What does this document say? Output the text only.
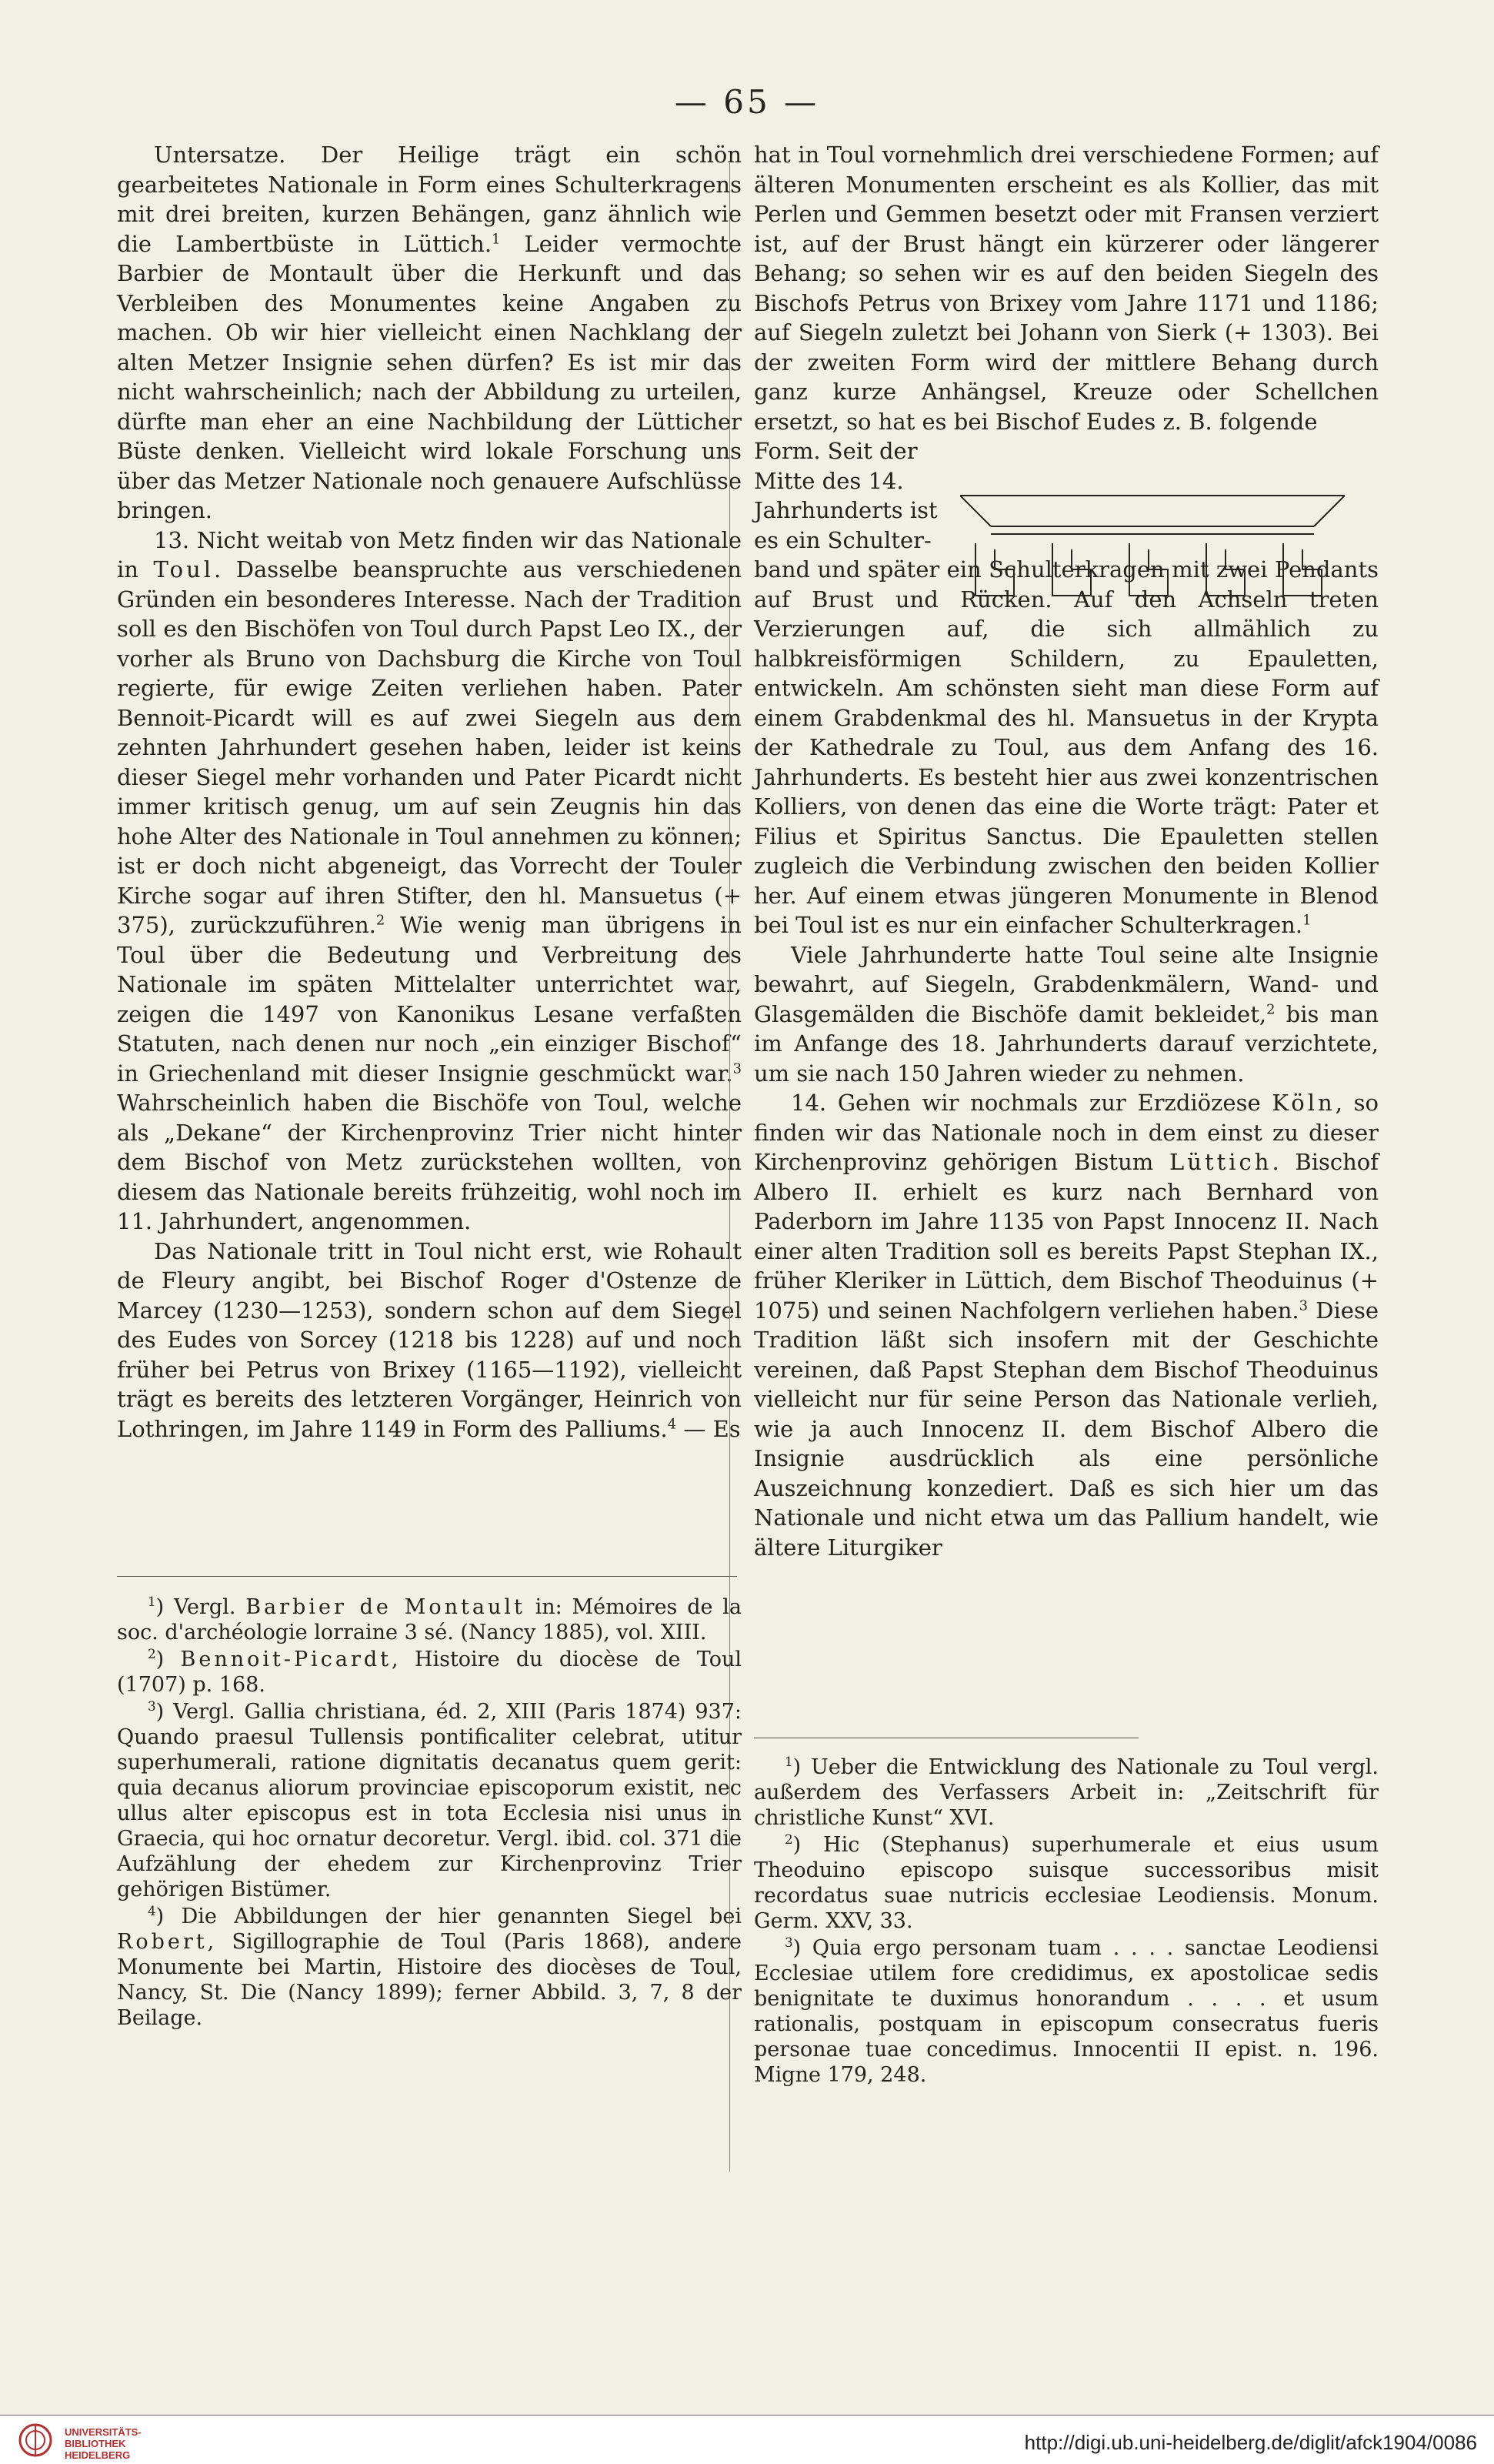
— 65 —

Untersatze. Der Heilige trägt ein schön gearbeitetes Nationale in Form eines Schulterkragens mit drei breiten, kurzen Behängen, ganz ähnlich wie die Lambertbüste in Lüttich.$^1$ Leider vermochte Barbier de Montault über die Herkunft und das Verbleiben des Monumentes keine Angaben zu machen. Ob wir hier vielleicht einen Nachklang der alten Metzer Insignie sehen dürfen? Es ist mir das nicht wahrscheinlich; nach der Abbildung zu urteilen, dürfte man eher an eine Nachbildung der Lütticher Büste denken. Vielleicht wird lokale Forschung uns über das Metzer Nationale noch genauere Aufschlüsse bringen.

13. Nicht weitab von Metz finden wir das Nationale in Toul. Dasselbe beanspruchte aus verschiedenen Gründen ein besonderes Interesse. Nach der Tradition soll es den Bischöfen von Toul durch Papst Leo IX., der vorher als Bruno von Dachsburg die Kirche von Toul regierte, für ewige Zeiten verliehen haben. Pater Bennoit-Picardt will es auf zwei Siegeln aus dem zehnten Jahrhundert gesehen haben, leider ist keins dieser Siegel mehr vorhanden und Pater Picardt nicht immer kritisch genug, um auf sein Zeugnis hin das hohe Alter des Nationale in Toul annehmen zu können; ist er doch nicht abgeneigt, das Vorrecht der Touler Kirche sogar auf ihren Stifter, den hl. Mansuetus (+ 375), zurückzuführen.$^2$ Wie wenig man übrigens in Toul über die Bedeutung und Verbreitung des Nationale im späten Mittelalter unterrichtet war, zeigen die 1497 von Kanonikus Lesane verfaßten Statuten, nach denen nur noch „ein einziger Bischof“ in Griechenland mit dieser Insignie geschmückt war.$^3$ Wahrscheinlich haben die Bischöfe von Toul, welche als „Dekane“ der Kirchenprovinz Trier nicht hinter dem Bischof von Metz zurückstehen wollten, von diesem das Nationale bereits frühzeitig, wohl noch im 11. Jahrhundert, angenommen.

Das Nationale tritt in Toul nicht erst, wie Rohault de Fleury angibt, bei Bischof Roger d'Ostenze de Marcey (1230—1253), sondern schon auf dem Siegel des Eudes von Sorcey (1218 bis 1228) auf und noch früher bei Petrus von Brixey (1165—1192), vielleicht trägt es bereits des letzteren Vorgänger, Heinrich von Lothringen, im Jahre 1149 in Form des Palliums.$^4$ — Es

$^1$) Vergl. Barbier de Montault in: Mémoires de la soc. d'archéologie lorraine 3 sé. (Nancy 1885), vol. XIII.

$^2$) Bennoit-Picardt, Histoire du diocèse de Toul (1707) p. 168.

$^3$) Vergl. Gallia christiana, éd. 2, XIII (Paris 1874) 937: Quando praesul Tullensis pontificaliter celebrat, utitur superhumerali, ratione dignitatis decanatus quem gerit: quia decanus aliorum provinciae episcoporum existit, nec ullus alter episcopus est in tota Ecclesia nisi unus in Graecia, qui hoc ornatur decoretur. Vergl. ibid. col. 371 die Aufzählung der ehedem zur Kirchenprovinz Trier gehörigen Bistümer.

$^4$) Die Abbildungen der hier genannten Siegel bei Robert, Sigillographie de Toul (Paris 1868), andere Monumente bei Martin, Histoire des diocèses de Toul, Nancy, St. Die (Nancy 1899); ferner Abbild. 3, 7, 8 der Beilage.

hat in Toul vornehmlich drei verschiedene Formen; auf älteren Monumenten erscheint es als Kollier, das mit Perlen und Gemmen besetzt oder mit Fransen verziert ist, auf der Brust hängt ein kürzerer oder längerer Behang; so sehen wir es auf den beiden Siegeln des Bischofs Petrus von Brixey vom Jahre 1171 und 1186; auf Siegeln zuletzt bei Johann von Sierk (+ 1303). Bei der zweiten Form wird der mittlere Behang durch ganz kurze Anhängsel, Kreuze oder Schellchen ersetzt, so hat es bei Bischof Eudes z. B. folgende

Form. Seit der Mitte des 14. Jahrhunderts ist es ein Schulter-

band und später ein Schulterkragen mit zwei Pendants auf Brust und Rücken. Auf den Achseln treten Verzierungen auf, die sich allmählich zu halbkreisförmigen Schildern, zu Epauletten, entwickeln. Am schönsten sieht man diese Form auf einem Grabdenkmal des hl. Mansuetus in der Krypta der Kathedrale zu Toul, aus dem Anfang des 16. Jahrhunderts. Es besteht hier aus zwei konzentrischen Kolliers, von denen das eine die Worte trägt: Pater et Filius et Spiritus Sanctus. Die Epauletten stellen zugleich die Verbindung zwischen den beiden Kollier her. Auf einem etwas jüngeren Monumente in Blenod bei Toul ist es nur ein einfacher Schulterkragen.$^1$

Viele Jahrhunderte hatte Toul seine alte Insignie bewahrt, auf Siegeln, Grabdenkmälern, Wand- und Glasgemälden die Bischöfe damit bekleidet,$^2$ bis man im Anfange des 18. Jahrhunderts darauf verzichtete, um sie nach 150 Jahren wieder zu nehmen.

14. Gehen wir nochmals zur Erzdiözese Köln, so finden wir das Nationale noch in dem einst zu dieser Kirchenprovinz gehörigen Bistum Lüttich. Bischof Albero II. erhielt es kurz nach Bernhard von Paderborn im Jahre 1135 von Papst Innocenz II. Nach einer alten Tradition soll es bereits Papst Stephan IX., früher Kleriker in Lüttich, dem Bischof Theoduinus (+ 1075) und seinen Nachfolgern verliehen haben.$^3$ Diese Tradition läßt sich insofern mit der Geschichte vereinen, daß Papst Stephan dem Bischof Theoduinus vielleicht nur für seine Person das Nationale verlieh, wie ja auch Innocenz II. dem Bischof Albero die Insignie ausdrücklich als eine persönliche Auszeichnung konzediert. Daß es sich hier um das Nationale und nicht etwa um das Pallium handelt, wie ältere Liturgiker

$^1$) Ueber die Entwicklung des Nationale zu Toul vergl. außerdem des Verfassers Arbeit in: „Zeitschrift für christliche Kunst“ XVI.

$^2$) Hic (Stephanus) superhumerale et eius usum Theoduino episcopo suisque successoribus misit recordatus suae nutricis ecclesiae Leodiensis. Monum. Germ. XXV, 33.

$^3$) Quia ergo personam tuam . . . . sanctae Leodiensi Ecclesiae utilem fore credidimus, ex apostolicae sedis benignitate te duximus honorandum . . . . et usum rationalis, postquam in episcopum consecratus fueris personae tuae concedimus. Innocentii II epist. n. 196. Migne 179, 248.

UNIVERSITÄTS-
BIBLIOTHEK
HEIDELBERG
http://digi.ub.uni-heidelberg.de/diglit/afck1904/0086
